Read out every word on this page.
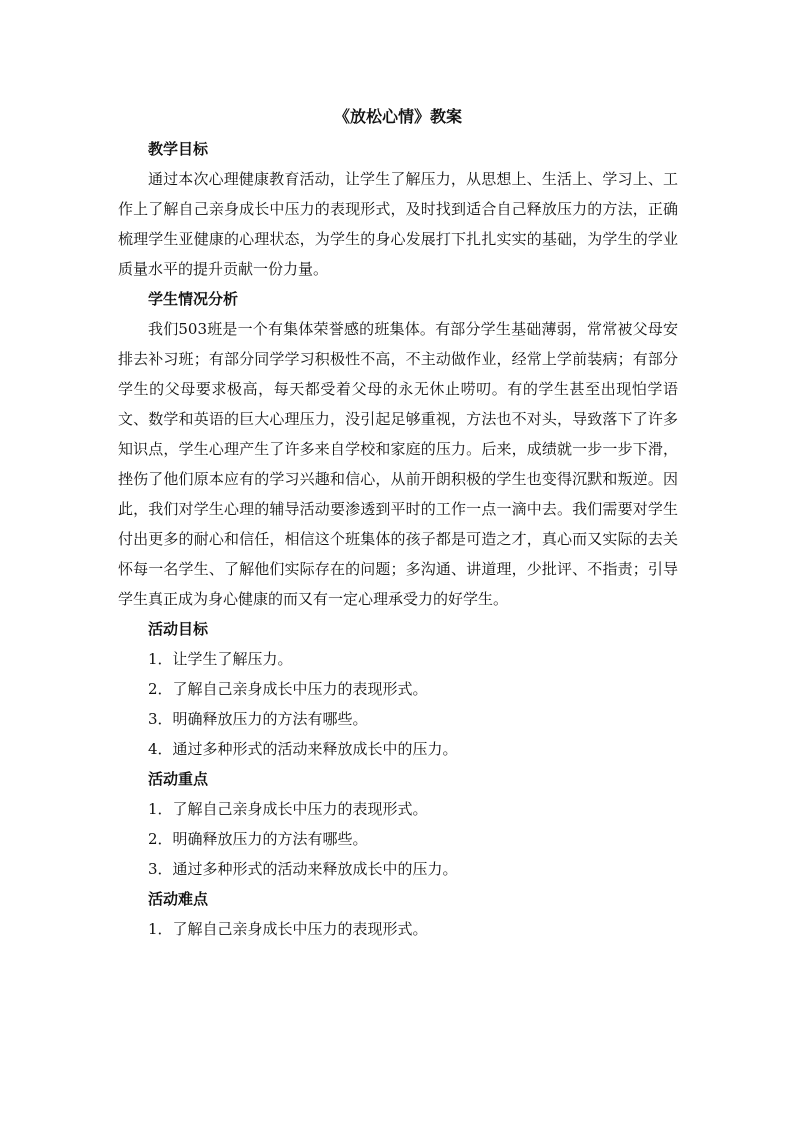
《放松心情》教案
教学目标

通过本次心理健康教育活动，让学生了解压力，从思想上、生活上、学习上、工作上了解自己亲身成长中压力的表现形式，及时找到适合自己释放压力的方法，正确梳理学生亚健康的心理状态，为学生的身心发展打下扎扎实实的基础，为学生的学业质量水平的提升贡献一份力量。

学生情况分析

我们503班是一个有集体荣誉感的班集体。有部分学生基础薄弱，常常被父母安排去补习班；有部分同学学习积极性不高，不主动做作业，经常上学前装病；有部分学生的父母要求极高，每天都受着父母的永无休止唠叨。有的学生甚至出现怕学语文、数学和英语的巨大心理压力，没引起足够重视，方法也不对头，导致落下了许多知识点，学生心理产生了许多来自学校和家庭的压力。后来，成绩就一步一步下滑，挫伤了他们原本应有的学习兴趣和信心，从前开朗积极的学生也变得沉默和叛逆。因此，我们对学生心理的辅导活动要渗透到平时的工作一点一滴中去。我们需要对学生付出更多的耐心和信任，相信这个班集体的孩子都是可造之才，真心而又实际的去关怀每一名学生、了解他们实际存在的问题；多沟通、讲道理，少批评、不指责；引导学生真正成为身心健康的而又有一定心理承受力的好学生。

活动目标

1．让学生了解压力。

2．了解自己亲身成长中压力的表现形式。

3．明确释放压力的方法有哪些。

4．通过多种形式的活动来释放成长中的压力。

活动重点

1．了解自己亲身成长中压力的表现形式。

2．明确释放压力的方法有哪些。

3．通过多种形式的活动来释放成长中的压力。

活动难点

1．了解自己亲身成长中压力的表现形式。
